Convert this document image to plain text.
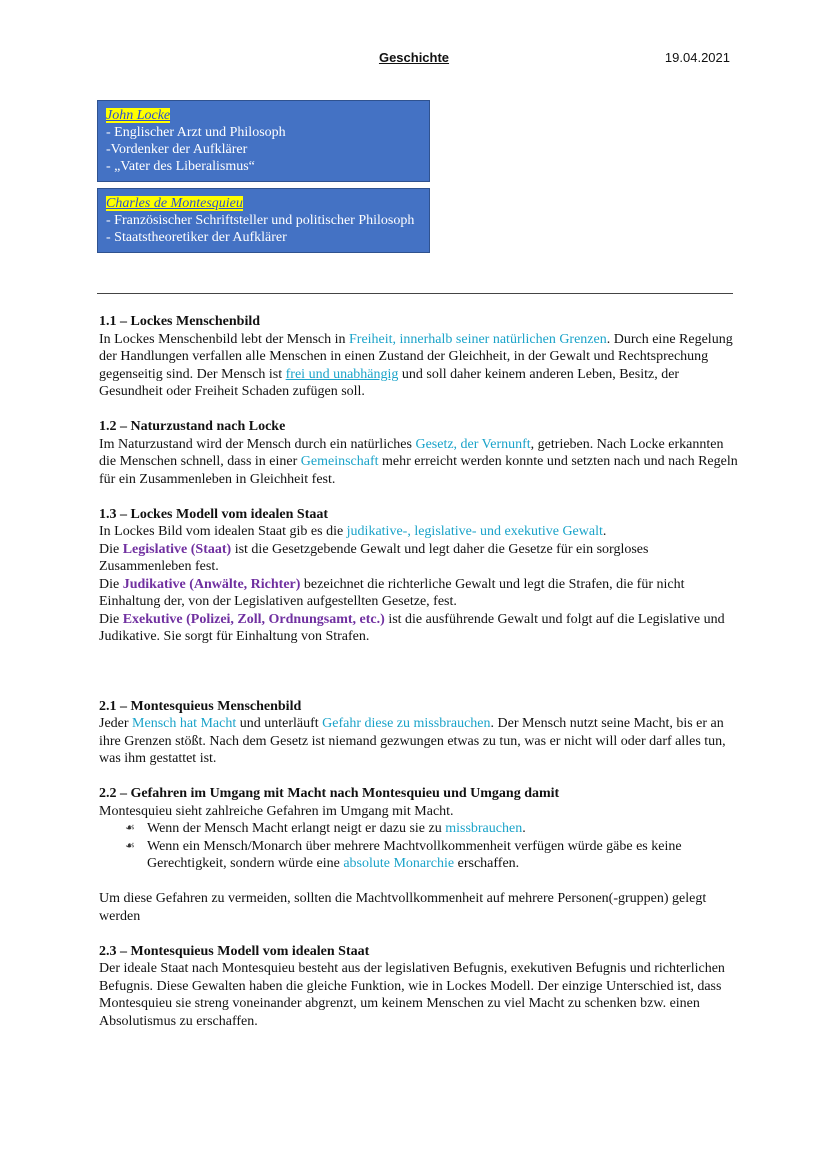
Geschichte	19.04.2021
John Locke
- Englischer Arzt und Philosoph
-Vordenker der Aufklärer
- „Vater des Liberalismus“
Charles de Montesquieu
- Französischer Schriftsteller und politischer Philosoph
- Staatstheoretiker der Aufklärer
1.1 – Lockes Menschenbild

In Lockes Menschenbild lebt der Mensch in Freiheit, innerhalb seiner natürlichen Grenzen. Durch eine Regelung der Handlungen verfallen alle Menschen in einen Zustand der Gleichheit, in der Gewalt und Rechtsprechung gegenseitig sind. Der Mensch ist frei und unabhängig und soll daher keinem anderen Leben, Besitz, der Gesundheit oder Freiheit Schaden zufügen soll.

1.2 – Naturzustand nach Locke

Im Naturzustand wird der Mensch durch ein natürliches Gesetz, der Vernunft, getrieben. Nach Locke erkannten die Menschen schnell, dass in einer Gemeinschaft mehr erreicht werden konnte und setzten nach und nach Regeln für ein Zusammenleben in Gleichheit fest.

1.3 – Lockes Modell vom idealen Staat

In Lockes Bild vom idealen Staat gib es die judikative-, legislative- und exekutive Gewalt.

Die Legislative (Staat) ist die Gesetzgebende Gewalt und legt daher die Gesetze für ein sorgloses Zusammenleben fest.

Die Judikative (Anwälte, Richter) bezeichnet die richterliche Gewalt und legt die Strafen, die für nicht Einhaltung der, von der Legislativen aufgestellten Gesetze, fest.

Die Exekutive (Polizei, Zoll, Ordnungsamt, etc.) ist die ausführende Gewalt und folgt auf die Legislative und Judikative. Sie sorgt für Einhaltung von Strafen.

2.1 – Montesquieus Menschenbild

Jeder Mensch hat Macht und unterläuft Gefahr diese zu missbrauchen. Der Mensch nutzt seine Macht, bis er an ihre Grenzen stößt. Nach dem Gesetz ist niemand gezwungen etwas zu tun, was er nicht will oder darf alles tun, was ihm gestattet ist.

2.2 – Gefahren im Umgang mit Macht nach Montesquieu und Umgang damit

Montesquieu sieht zahlreiche Gefahren im Umgang mit Macht.

☙ Wenn der Mensch Macht erlangt neigt er dazu sie zu missbrauchen.
☙ Wenn ein Mensch/Monarch über mehrere Machtvollkommenheit verfügen würde gäbe es keine Gerechtigkeit, sondern würde eine absolute Monarchie erschaffen.

Um diese Gefahren zu vermeiden, sollten die Machtvollkommenheit auf mehrere Personen(-gruppen) gelegt werden

2.3 – Montesquieus Modell vom idealen Staat

Der ideale Staat nach Montesquieu besteht aus der legislativen Befugnis, exekutiven Befugnis und richterlichen Befugnis. Diese Gewalten haben die gleiche Funktion, wie in Lockes Modell. Der einzige Unterschied ist, dass Montesquieu sie streng voneinander abgrenzt, um keinem Menschen zu viel Macht zu schenken bzw. einen Absolutismus zu erschaffen.
